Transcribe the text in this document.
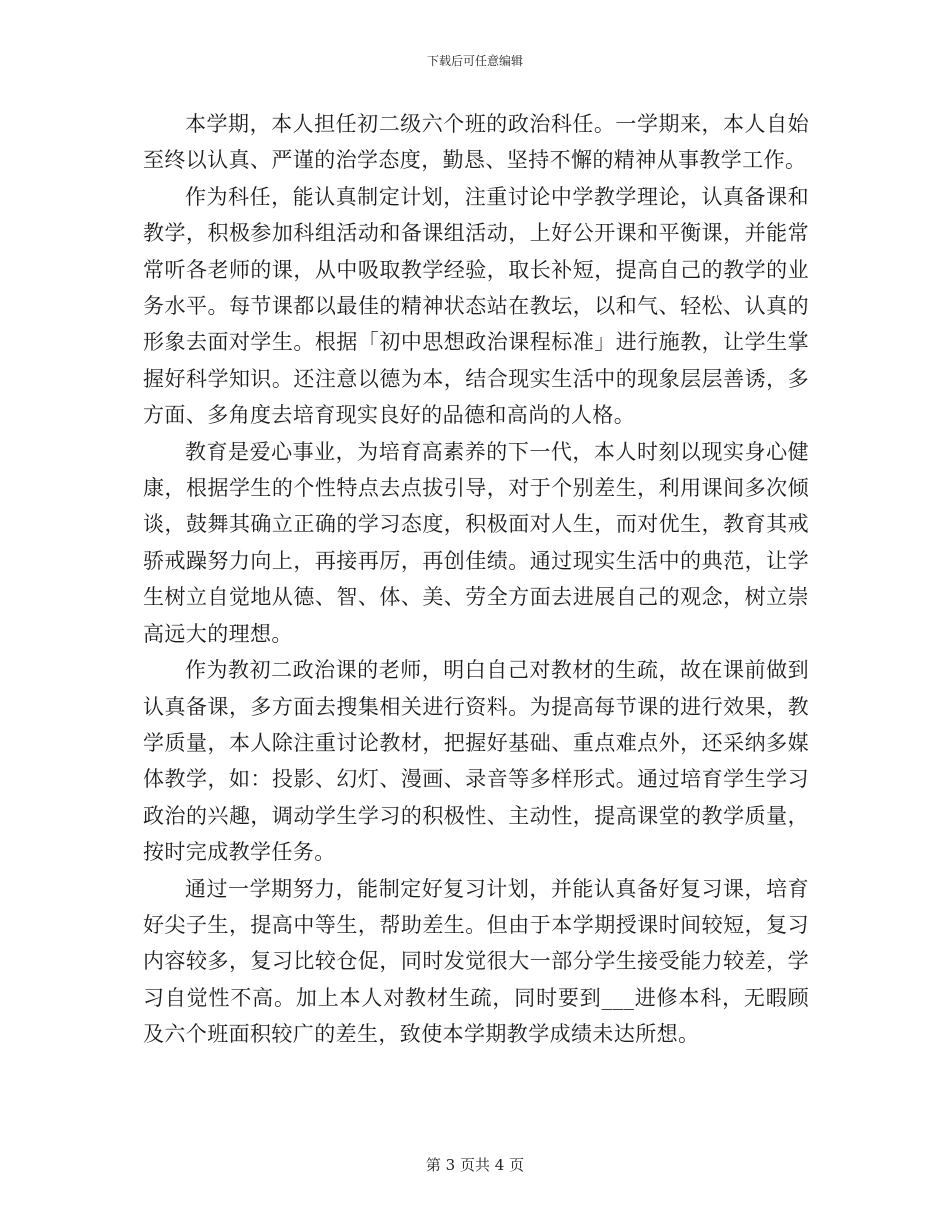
下载后可任意编辑

本学期，本人担任初二级六个班的政治科任。一学期来，本人自始至终以认真、严谨的治学态度，勤恳、坚持不懈的精神从事教学工作。

作为科任，能认真制定计划，注重讨论中学教学理论，认真备课和教学，积极参加科组活动和备课组活动，上好公开课和平衡课，并能常常听各老师的课，从中吸取教学经验，取长补短，提高自己的教学的业务水平。每节课都以最佳的精神状态站在教坛，以和气、轻松、认真的形象去面对学生。根据「初中思想政治课程标准」进行施教，让学生掌握好科学知识。还注意以德为本，结合现实生活中的现象层层善诱，多方面、多角度去培育现实良好的品德和高尚的人格。

教育是爱心事业，为培育高素养的下一代，本人时刻以现实身心健康，根据学生的个性特点去点拔引导，对于个别差生，利用课间多次倾谈，鼓舞其确立正确的学习态度，积极面对人生，而对优生，教育其戒骄戒躁努力向上，再接再厉，再创佳绩。通过现实生活中的典范，让学生树立自觉地从德、智、体、美、劳全方面去进展自己的观念，树立崇高远大的理想。

作为教初二政治课的老师，明白自己对教材的生疏，故在课前做到认真备课，多方面去搜集相关进行资料。为提高每节课的进行效果，教学质量，本人除注重讨论教材，把握好基础、重点难点外，还采纳多媒体教学，如：投影、幻灯、漫画、录音等多样形式。通过培育学生学习政治的兴趣，调动学生学习的积极性、主动性，提高课堂的教学质量，按时完成教学任务。

通过一学期努力，能制定好复习计划，并能认真备好复习课，培育好尖子生，提高中等生，帮助差生。但由于本学期授课时间较短，复习内容较多，复习比较仓促，同时发觉很大一部分学生接受能力较差，学习自觉性不高。加上本人对教材生疏，同时要到___进修本科，无暇顾及六个班面积较广的差生，致使本学期教学成绩未达所想。

第 3 页共 4 页
